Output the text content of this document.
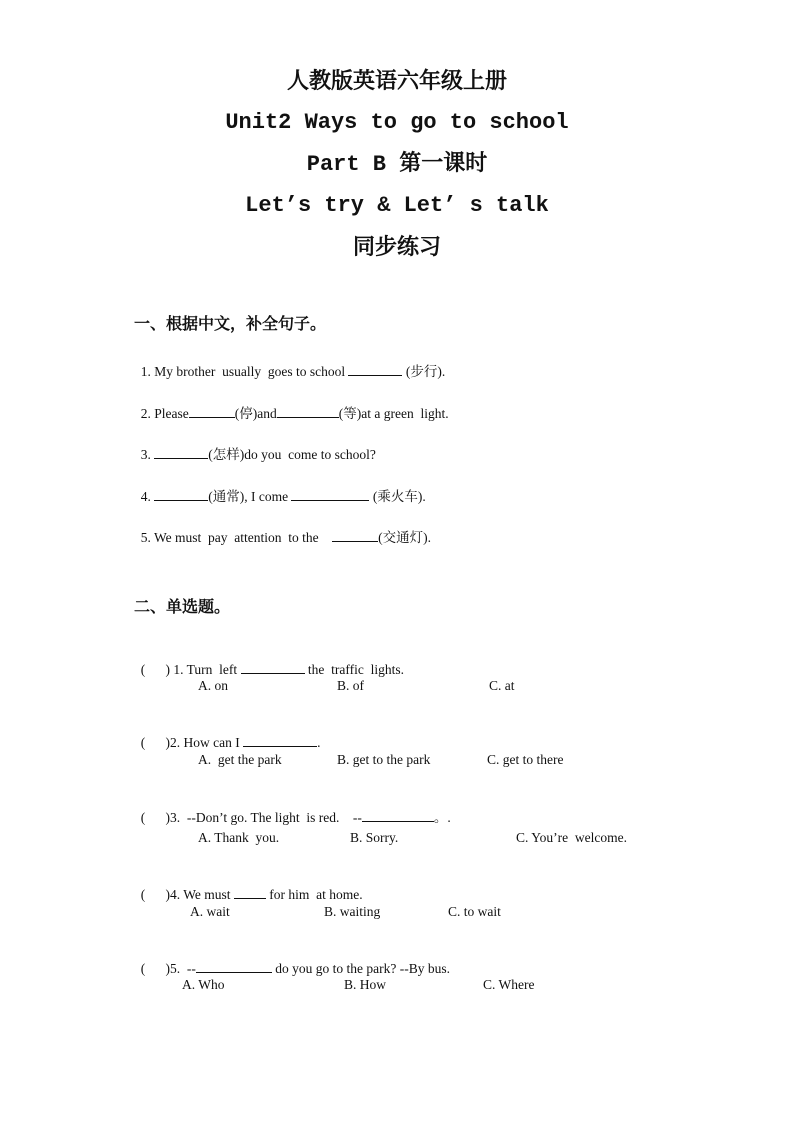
人教版英语六年级上册
Unit2 Ways to go to school
Part B 第一课时
Let’s try & Let’ s talk
同步练习
一、根据中文，补全句子。

1. My brother  usually  goes to school	(步行).

2. Please	(停)and	(等)at a green  light.

3.	(怎样)do you  come to school?

4.	(通常), I come	(乘火车).

5. We must  pay  attention  to the	(交通灯).

二、单选题。

(      ) 1. Turn  left	the  traffic  lights.

A. on	B. of	C. at

(      )2. How can I	.

A.  get the park	B. get to the park	C. get to there

(      )3.  --Don’t go. The light  is red.    --	。.

A. Thank  you.	B. Sorry.	C. You’re  welcome.

(      )4. We must  for him  at home.

A. wait	B. waiting	C. to wait

(      )5.  --	do you go to the park? --By bus.

A. Who	B. How	C. Where
